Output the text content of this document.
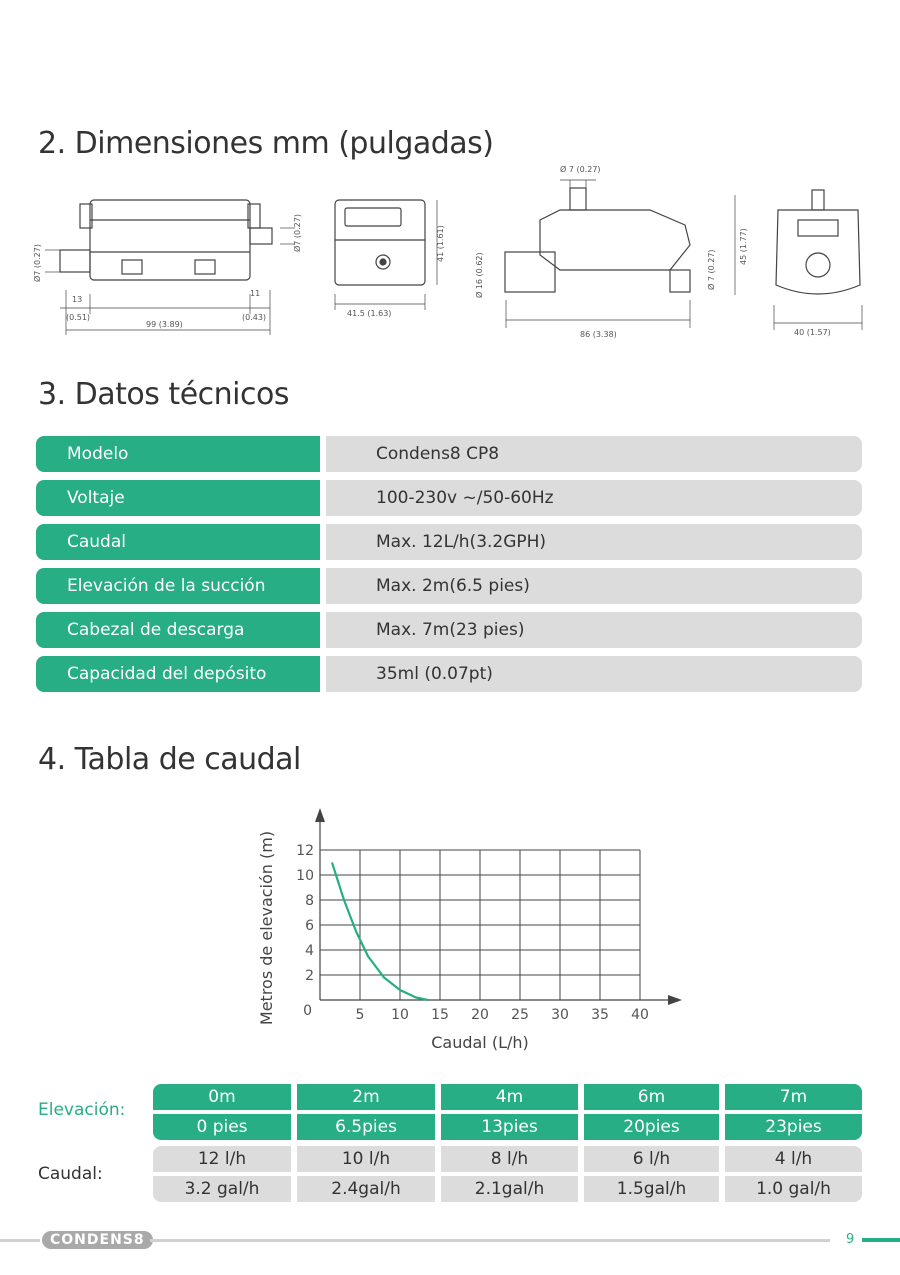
2. Dimensiones mm (pulgadas)
Ø7 (0.27)
Ø7 (0.27)
13
(0.51)
11
(0.43)
99 (3.89)
41 (1.61)
41.5 (1.63)
Ø 7 (0.27)
Ø 16 (0.62)	Ø 7 (0.27)
45 (1.77)
86 (3.38)	40 (1.57)
3. Datos técnicos
Modelo	Condens8 CP8
Voltaje	100-230v ~/50-60Hz
Caudal	Max. 12L/h(3.2GPH)
Elevación de la succión	Max. 2m(6.5 pies)
Cabezal de descarga	Max. 7m(23 pies)
Capacidad del depósito	35ml (0.07pt)
4. Tabla de caudal
5 10 15 20 25 30 35 40
2
4
6
8
10
12
0
Metros de elevación (m)
Caudal (L/h)
Elevación:
Caudal:
0m	2m	4m	6m	7m
0 pies	6.5pies	13pies	20pies	23pies
12 l/h	10 l/h	8 l/h	6 l/h	4 l/h
3.2 gal/h	2.4gal/h	2.1gal/h	1.5gal/h	1.0 gal/h
CONDENS8	9
